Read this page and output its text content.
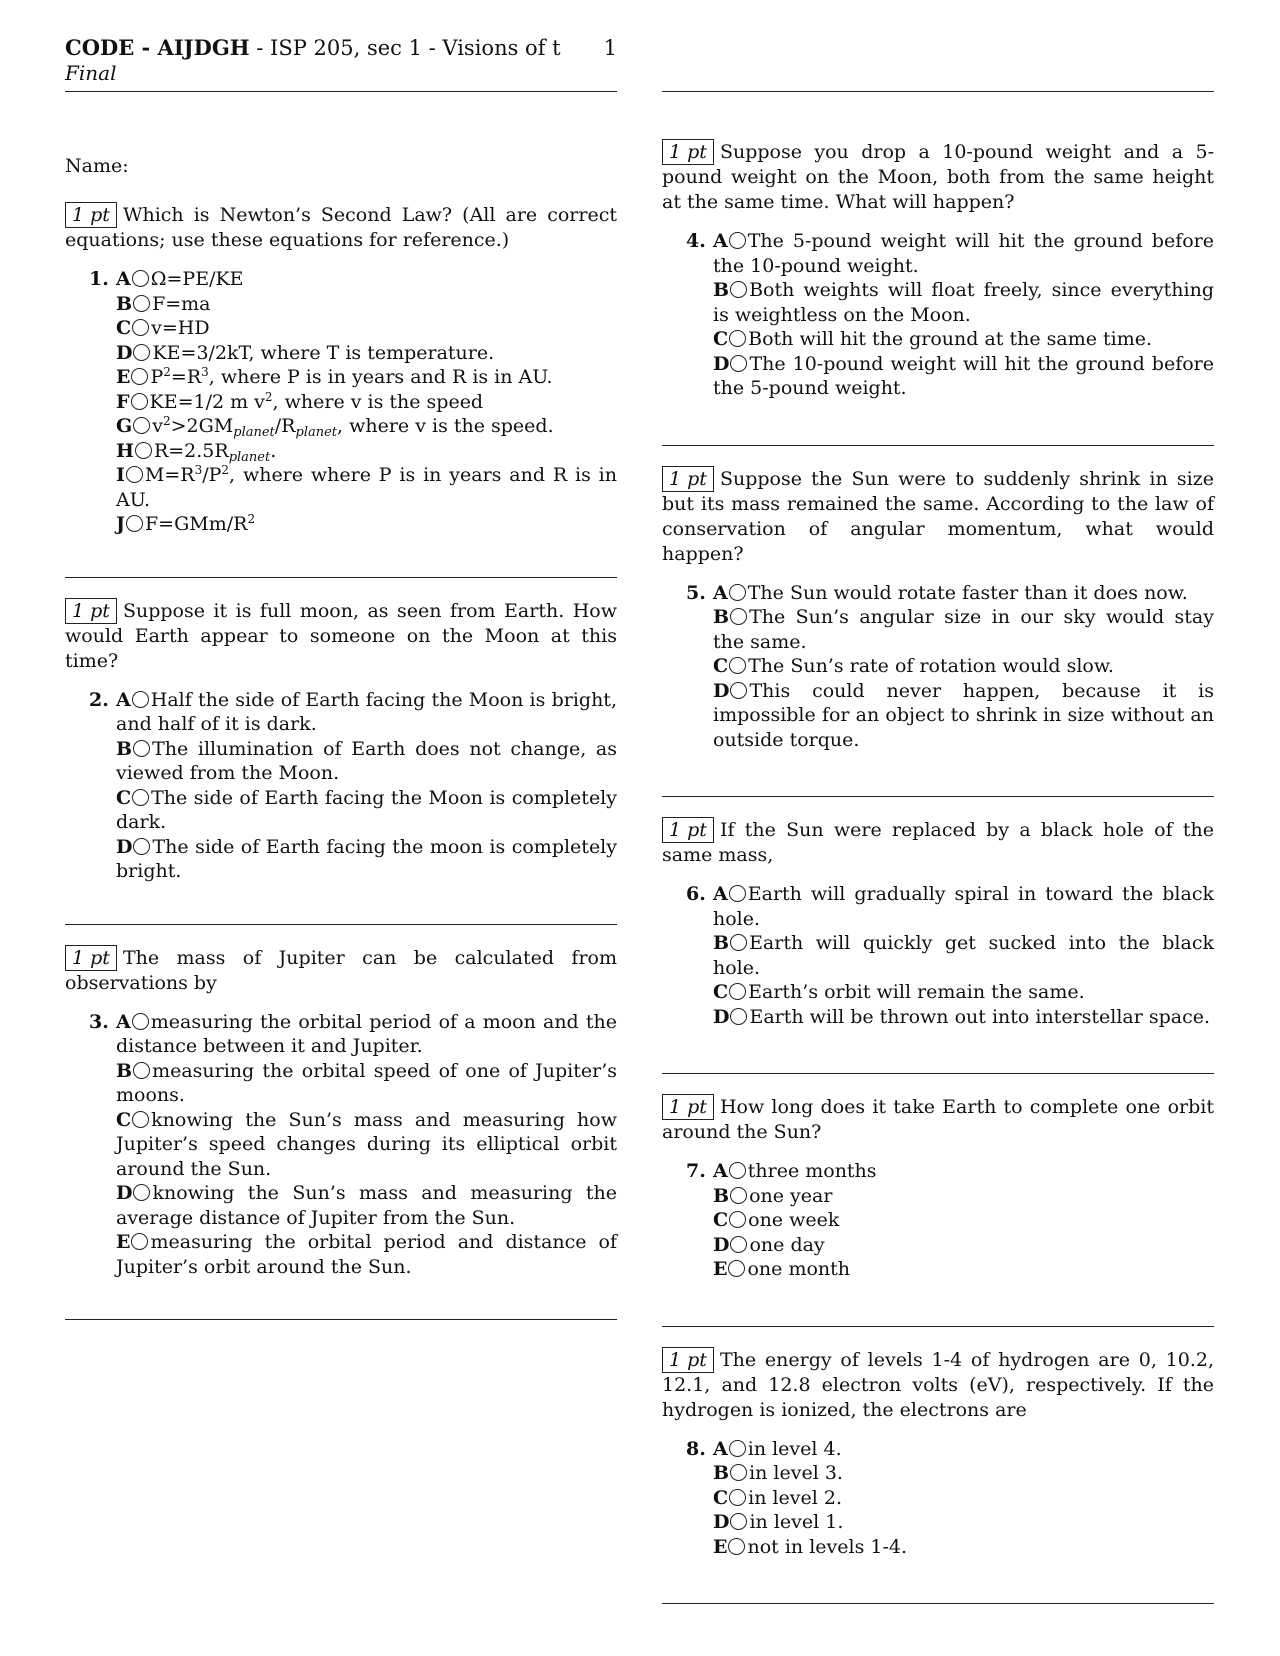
CODE - AIJDGH - ISP 205, sec 1 - Visions of t	1
Final
Name:
1 pt Which is Newton’s Second Law? (All are correct equations; use these equations for reference.)
1. A Ω=PE/KE
B F=ma
C v=HD
D KE=3/2kT, where T is temperature.
E $P^2=R^3$, where P is in years and R is in AU.
F KE=1/2 m $v^2$, where v is the speed
G $v^2>2GM_{planet}/R_{planet}$, where v is the speed.
H $R=2.5R_{planet}$.
I $M=R^3/P^2$, where where P is in years and R is in AU.
J $F=GMm/R^2$
1 pt Suppose it is full moon, as seen from Earth. How would Earth appear to someone on the Moon at this time?
2. A Half the side of Earth facing the Moon is bright, and half of it is dark.
B The illumination of Earth does not change, as viewed from the Moon.
C The side of Earth facing the Moon is completely dark.
D The side of Earth facing the moon is completely bright.
1 pt The mass of Jupiter can be calculated from observations by
3. A measuring the orbital period of a moon and the distance between it and Jupiter.
B measuring the orbital speed of one of Jupiter’s moons.
C knowing the Sun’s mass and measuring how Jupiter’s speed changes during its elliptical orbit around the Sun.
D knowing the Sun’s mass and measuring the average distance of Jupiter from the Sun.
E measuring the orbital period and distance of Jupiter’s orbit around the Sun.
1 pt Suppose you drop a 10-pound weight and a 5-pound weight on the Moon, both from the same height at the same time. What will happen?
4. A The 5-pound weight will hit the ground before the 10-pound weight.
B Both weights will float freely, since everything is weightless on the Moon.
C Both will hit the ground at the same time.
D The 10-pound weight will hit the ground before the 5-pound weight.
1 pt Suppose the Sun were to suddenly shrink in size but its mass remained the same. According to the law of conservation of angular momentum, what would happen?
5. A The Sun would rotate faster than it does now.
B The Sun’s angular size in our sky would stay the same.
C The Sun’s rate of rotation would slow.
D This could never happen, because it is impossible for an object to shrink in size without an outside torque.
1 pt If the Sun were replaced by a black hole of the same mass,
6. A Earth will gradually spiral in toward the black hole.
B Earth will quickly get sucked into the black hole.
C Earth’s orbit will remain the same.
D Earth will be thrown out into interstellar space.
1 pt How long does it take Earth to complete one orbit around the Sun?
7. A three months
B one year
C one week
D one day
E one month
1 pt The energy of levels 1-4 of hydrogen are 0, 10.2, 12.1, and 12.8 electron volts (eV), respectively. If the hydrogen is ionized, the electrons are
8. A in level 4.
B in level 3.
C in level 2.
D in level 1.
E not in levels 1-4.
